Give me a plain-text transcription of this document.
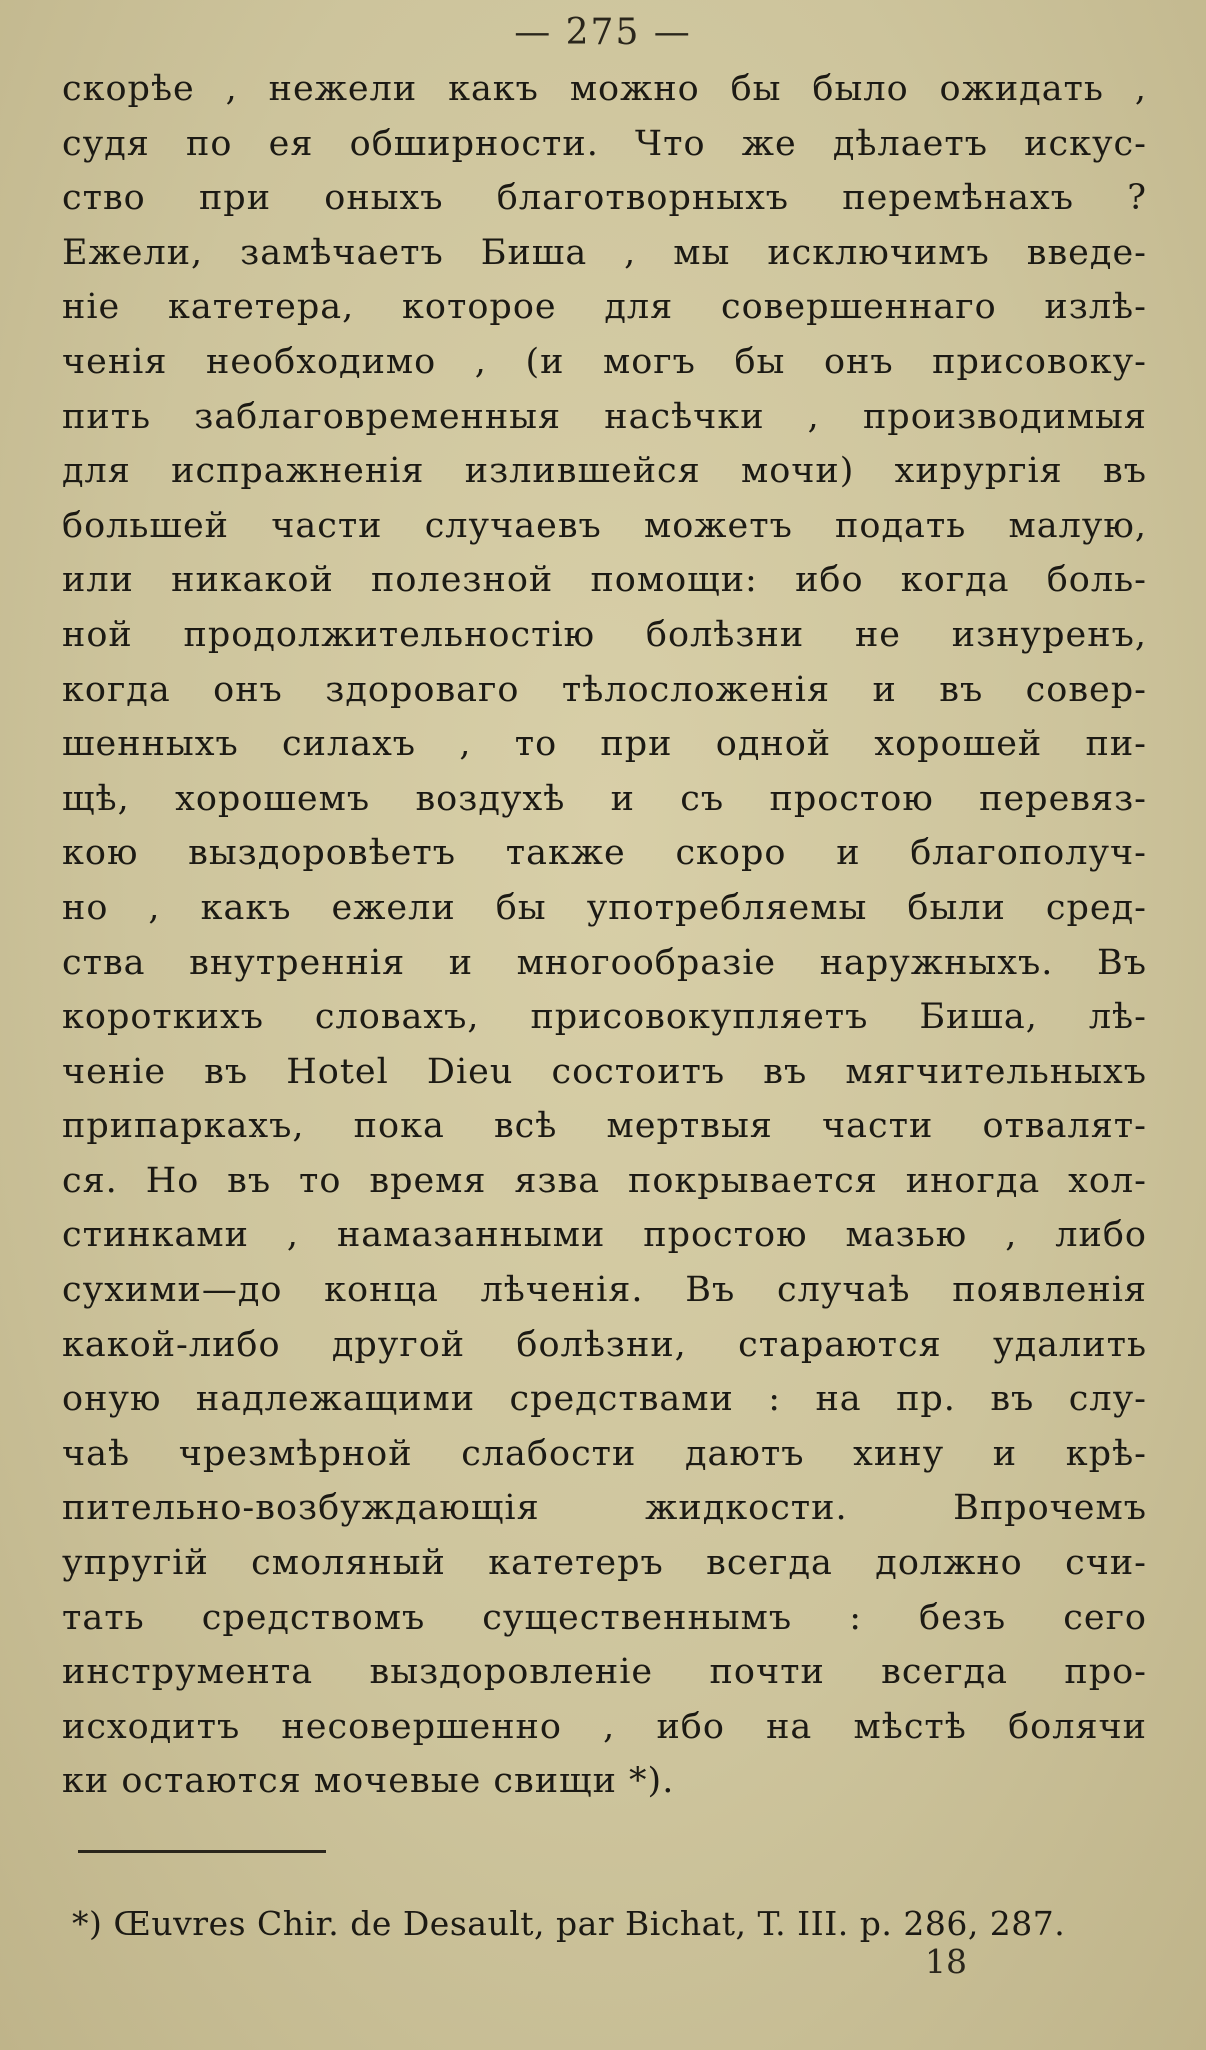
— 275 —
скорѣе , нежели какъ можно бы было ожидать ,
судя по ея обширности. Что же дѣлаетъ искус-
ство при оныхъ благотворныхъ перемѣнахъ ?
Ежели, замѣчаетъ Биша , мы исключимъ введе-
ніе катетера, которое для совершеннаго излѣ-
ченія необходимо , (и могъ бы онъ присовоку-
пить заблаговременныя насѣчки , производимыя
для испражненія излившейся мочи) хирургія въ
большей части случаевъ можетъ подать малую,
или никакой полезной помощи: ибо когда боль-
ной продолжительностію болѣзни не изнуренъ,
когда онъ здороваго тѣлосложенія и въ совер-
шенныхъ силахъ , то при одной хорошей пи-
щѣ, хорошемъ воздухѣ и съ простою перевяз-
кою выздоровѣетъ также скоро и благополуч-
но , какъ ежели бы употребляемы были сред-
ства внутреннія и многообразіе наружныхъ. Въ
короткихъ словахъ, присовокупляетъ Биша, лѣ-
ченіе въ Hotel Dieu состоитъ въ мягчительныхъ
припаркахъ, пока всѣ мертвыя части отвалят-
ся. Но въ то время язва покрывается иногда хол-
стинками , намазанными простою мазью , либо
сухими—до конца лѣченія. Въ случаѣ появленія
какой-либо другой болѣзни, стараются удалить
оную надлежащими средствами : на пр. въ слу-
чаѣ чрезмѣрной слабости даютъ хину и крѣ-
пительно-возбуждающія жидкости. Впрочемъ
упругій смоляный катетеръ всегда должно счи-
тать средствомъ существеннымъ : безъ сего
инструмента выздоровленіе почти всегда про-
исходитъ несовершенно , ибо на мѣстѣ болячи
ки остаются мочевые свищи *).
*) Œuvres Chir. de Desault, par Bichat, T. III. p. 286, 287.
18
